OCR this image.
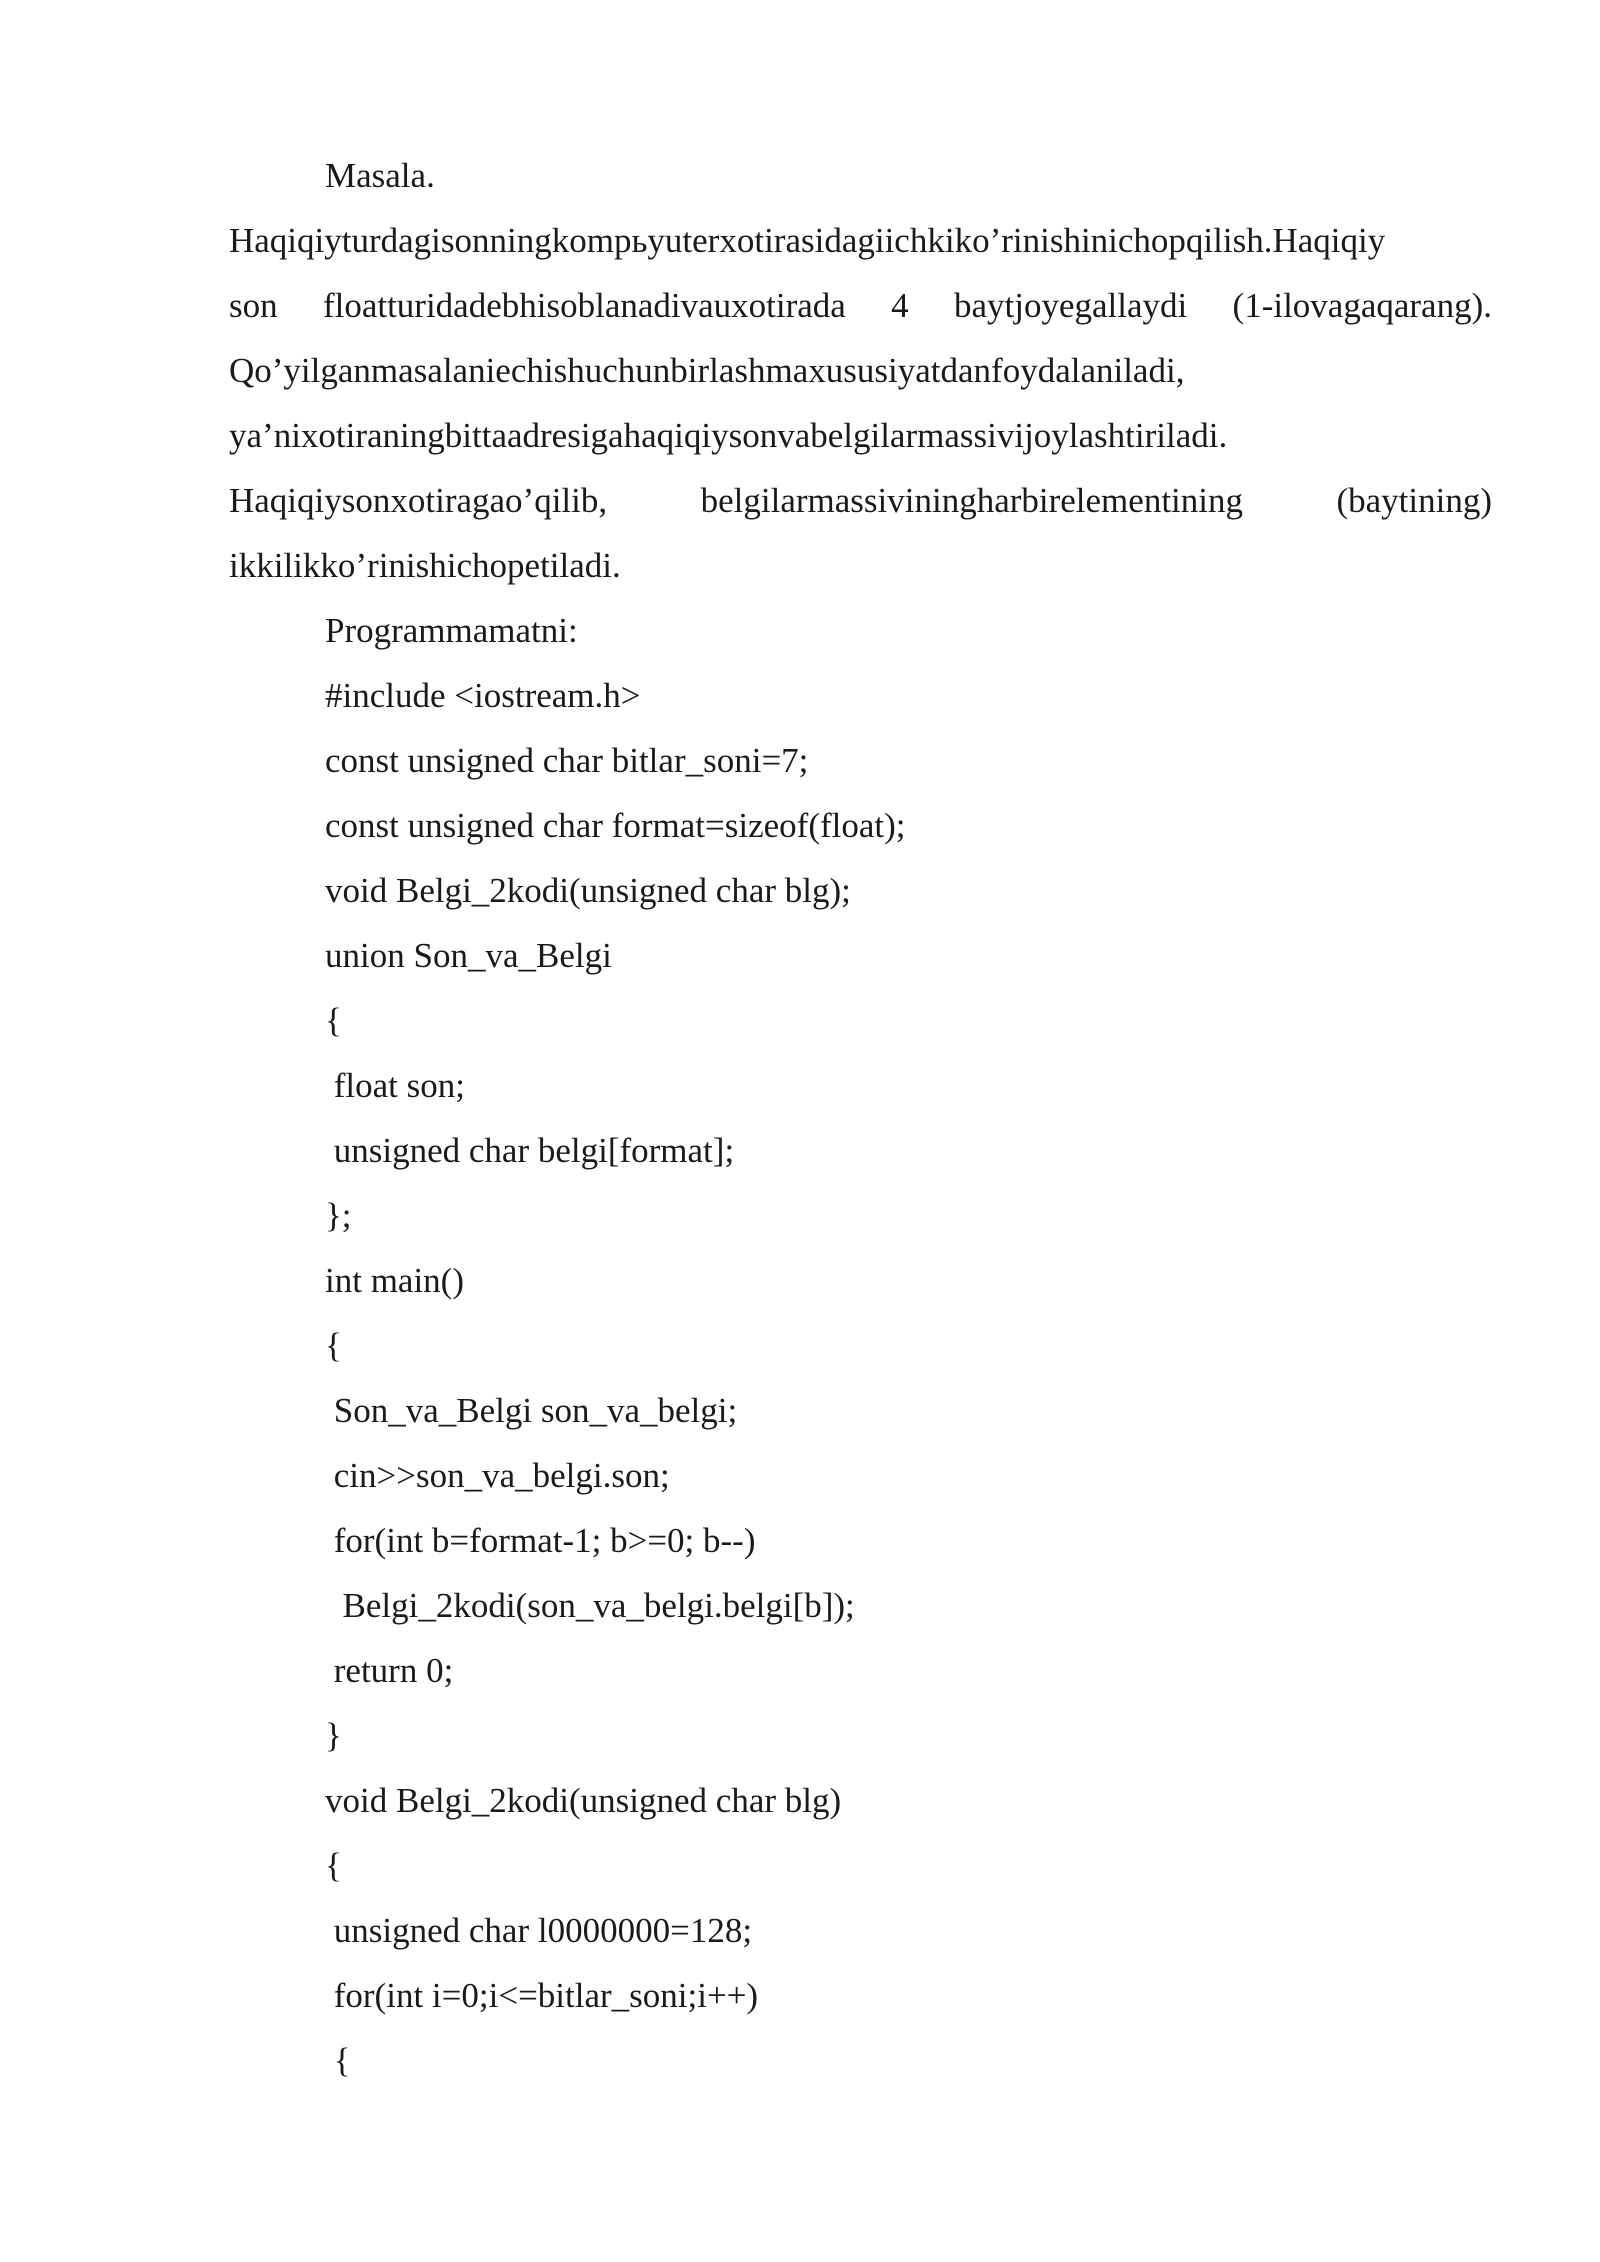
Masala.
Haqiqiyturdagisonningkompьyuterxotirasidagiichkiko’rinishinichopqilish.Haqiqiy
son floatturidadebhisoblanadivauxotirada 4 baytjoyegallaydi (1-ilovagaqarang).
Qo’yilganmasalaniechishuchunbirlashmaxususiyatdanfoydalaniladi,
ya’nixotiraningbittaadresigahaqiqiysonvabelgilarmassivijoylashtiriladi.
Haqiqiysonxotiragao’qilib, belgilarmassiviningharbirelementining (baytining)
ikkilikko’rinishichopetiladi.
Programmamatni:
#include <iostream.h>
const unsigned char bitlar_soni=7;
const unsigned char format=sizeof(float);
void Belgi_2kodi(unsigned char blg);
union Son_va_Belgi
{
float son;
unsigned char belgi[format];
};
int main()
{
Son_va_Belgi son_va_belgi;
cin>>son_va_belgi.son;
for(int b=format-1; b>=0; b--)
Belgi_2kodi(son_va_belgi.belgi[b]);
return 0;
}
void Belgi_2kodi(unsigned char blg)
{
unsigned char l0000000=128;
for(int i=0;i<=bitlar_soni;i++)
{
